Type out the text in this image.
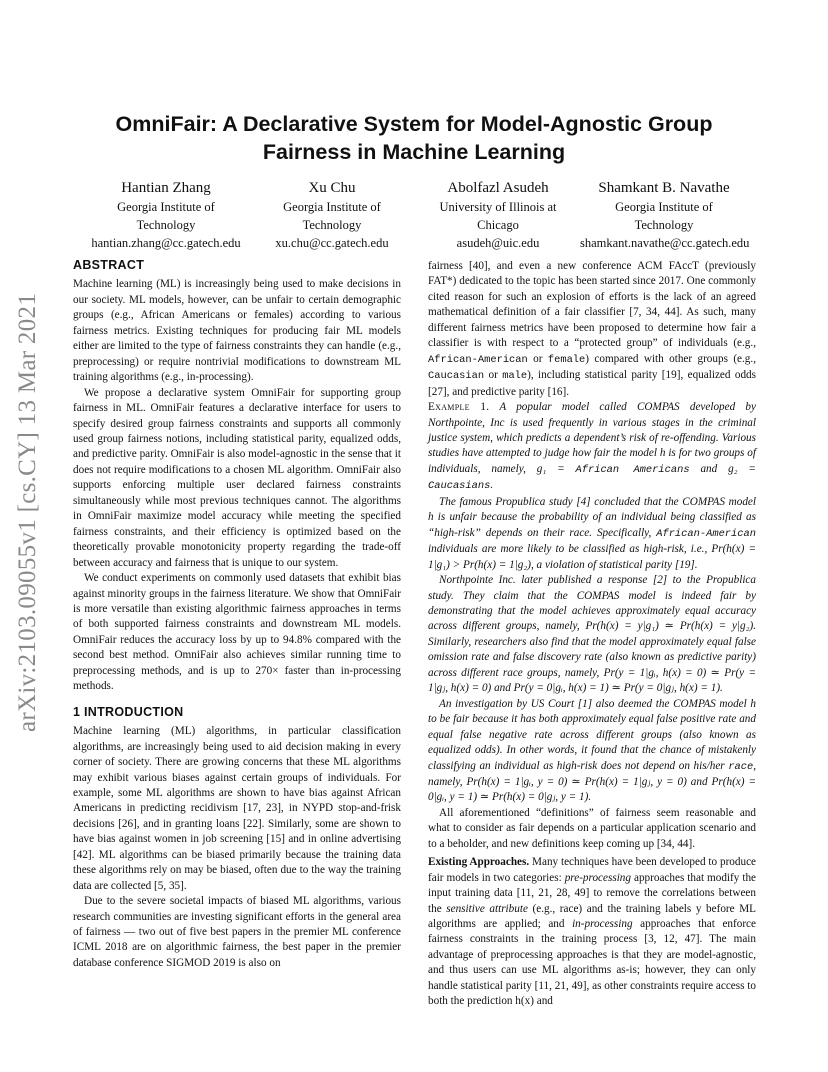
arXiv:2103.09055v1 [cs.CY] 13 Mar 2021
OmniFair: A Declarative System for Model-Agnostic Group Fairness in Machine Learning
Hantian Zhang
Georgia Institute of
Technology
hantian.zhang@cc.gatech.edu
Xu Chu
Georgia Institute of
Technology
xu.chu@cc.gatech.edu
Abolfazl Asudeh
University of Illinois at
Chicago
asudeh@uic.edu
Shamkant B. Navathe
Georgia Institute of
Technology
shamkant.navathe@cc.gatech.edu
ABSTRACT

Machine learning (ML) is increasingly being used to make decisions in our society. ML models, however, can be unfair to certain demographic groups (e.g., African Americans or females) according to various fairness metrics. Existing techniques for producing fair ML models either are limited to the type of fairness constraints they can handle (e.g., preprocessing) or require nontrivial modifications to downstream ML training algorithms (e.g., in-processing).

We propose a declarative system OmniFair for supporting group fairness in ML. OmniFair features a declarative interface for users to specify desired group fairness constraints and supports all commonly used group fairness notions, including statistical parity, equalized odds, and predictive parity. OmniFair is also model-agnostic in the sense that it does not require modifications to a chosen ML algorithm. OmniFair also supports enforcing multiple user declared fairness constraints simultaneously while most previous techniques cannot. The algorithms in OmniFair maximize model accuracy while meeting the specified fairness constraints, and their efficiency is optimized based on the theoretically provable monotonicity property regarding the trade-off between accuracy and fairness that is unique to our system.

We conduct experiments on commonly used datasets that exhibit bias against minority groups in the fairness literature. We show that OmniFair is more versatile than existing algorithmic fairness approaches in terms of both supported fairness constraints and downstream ML models. OmniFair reduces the accuracy loss by up to 94.8% compared with the second best method. OmniFair also achieves similar running time to preprocessing methods, and is up to 270× faster than in-processing methods.

1 INTRODUCTION

Machine learning (ML) algorithms, in particular classification algorithms, are increasingly being used to aid decision making in every corner of society. There are growing concerns that these ML algorithms may exhibit various biases against certain groups of individuals. For example, some ML algorithms are shown to have bias against African Americans in predicting recidivism [17, 23], in NYPD stop-and-frisk decisions [26], and in granting loans [22]. Similarly, some are shown to have bias against women in job screening [15] and in online advertising [42]. ML algorithms can be biased primarily because the training data these algorithms rely on may be biased, often due to the way the training data are collected [5, 35].

Due to the severe societal impacts of biased ML algorithms, various research communities are investing significant efforts in the general area of fairness — two out of five best papers in the premier ML conference ICML 2018 are on algorithmic fairness, the best paper in the premier database conference SIGMOD 2019 is also on

fairness [40], and even a new conference ACM FAccT (previously FAT*) dedicated to the topic has been started since 2017. One commonly cited reason for such an explosion of efforts is the lack of an agreed mathematical definition of a fair classifier [7, 34, 44]. As such, many different fairness metrics have been proposed to determine how fair a classifier is with respect to a “protected group” of individuals (e.g., African-American or female) compared with other groups (e.g., Caucasian or male), including statistical parity [19], equalized odds [27], and predictive parity [16].

Example 1. A popular model called COMPAS developed by Northpointe, Inc is used frequently in various stages in the criminal justice system, which predicts a dependent’s risk of re-offending. Various studies have attempted to judge how fair the model h is for two groups of individuals, namely, g₁ = African Americans and g₂ = Caucasians.

The famous Propublica study [4] concluded that the COMPAS model h is unfair because the probability of an individual being classified as “high-risk” depends on their race. Specifically, African-American individuals are more likely to be classified as high-risk, i.e., Pr(h(x) = 1|g₁) > Pr(h(x) = 1|g₂), a violation of statistical parity [19].

Northpointe Inc. later published a response [2] to the Propublica study. They claim that the COMPAS model is indeed fair by demonstrating that the model achieves approximately equal accuracy across different groups, namely, Pr(h(x) = y|g₁) ≃ Pr(h(x) = y|g₂). Similarly, researchers also find that the model approximately equal false omission rate and false discovery rate (also known as predictive parity) across different race groups, namely, Pr(y = 1|gᵢ, h(x) = 0) ≃ Pr(y = 1|gⱼ, h(x) = 0) and Pr(y = 0|gᵢ, h(x) = 1) ≃ Pr(y = 0|gⱼ, h(x) = 1).

An investigation by US Court [1] also deemed the COMPAS model h to be fair because it has both approximately equal false positive rate and equal false negative rate across different groups (also known as equalized odds). In other words, it found that the chance of mistakenly classifying an individual as high-risk does not depend on his/her race, namely, Pr(h(x) = 1|gᵢ, y = 0) ≃ Pr(h(x) = 1|gⱼ, y = 0) and Pr(h(x) = 0|gᵢ, y = 1) ≃ Pr(h(x) = 0|gⱼ, y = 1).

All aforementioned “definitions” of fairness seem reasonable and what to consider as fair depends on a particular application scenario and to a beholder, and new definitions keep coming up [34, 44].

Existing Approaches. Many techniques have been developed to produce fair models in two categories: pre-processing approaches that modify the input training data [11, 21, 28, 49] to remove the correlations between the sensitive attribute (e.g., race) and the training labels y before ML algorithms are applied; and in-processing approaches that enforce fairness constraints in the training process [3, 12, 47]. The main advantage of preprocessing approaches is that they are model-agnostic, and thus users can use ML algorithms as-is; however, they can only handle statistical parity [11, 21, 49], as other constraints require access to both the prediction h(x) and
